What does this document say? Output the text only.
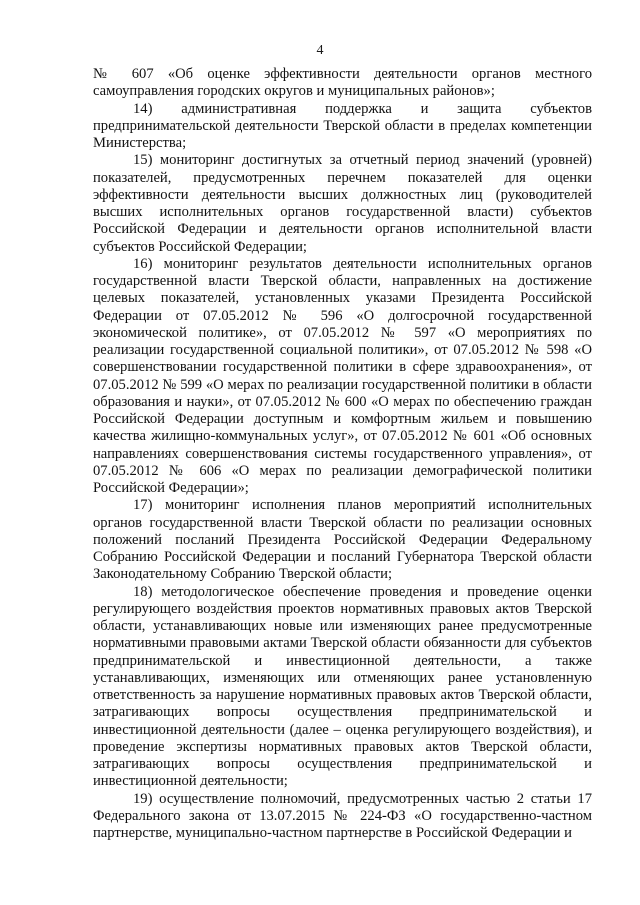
4

№ 607 «Об оценке эффективности деятельности органов местного самоуправления городских округов и муниципальных районов»;

14) административная поддержка и защита субъектов предпринимательской деятельности Тверской области в пределах компетенции Министерства;

15) мониторинг достигнутых за отчетный период значений (уровней) показателей, предусмотренных перечнем показателей для оценки эффективности деятельности высших должностных лиц (руководителей высших исполнительных органов государственной власти) субъектов Российской Федерации и деятельности органов исполнительной власти субъектов Российской Федерации;

16) мониторинг результатов деятельности исполнительных органов государственной власти Тверской области, направленных на достижение целевых показателей, установленных указами Президента Российской Федерации от 07.05.2012 № 596 «О долгосрочной государственной экономической политике», от 07.05.2012 № 597 «О мероприятиях по реализации государственной социальной политики», от 07.05.2012 № 598 «О совершенствовании государственной политики в сфере здравоохранения», от 07.05.2012 № 599 «О мерах по реализации государственной политики в области образования и науки», от 07.05.2012 № 600 «О мерах по обеспечению граждан Российской Федерации доступным и комфортным жильем и повышению качества жилищно-коммунальных услуг», от 07.05.2012 № 601 «Об основных направлениях совершенствования системы государственного управления», от 07.05.2012 № 606 «О мерах по реализации демографической политики Российской Федерации»;

17) мониторинг исполнения планов мероприятий исполнительных органов государственной власти Тверской области по реализации основных положений посланий Президента Российской Федерации Федеральному Собранию Российской Федерации и посланий Губернатора Тверской области Законодательному Собранию Тверской области;

18) методологическое обеспечение проведения и проведение оценки регулирующего воздействия проектов нормативных правовых актов Тверской области, устанавливающих новые или изменяющих ранее предусмотренные нормативными правовыми актами Тверской области обязанности для субъектов предпринимательской и инвестиционной деятельности, а также устанавливающих, изменяющих или отменяющих ранее установленную ответственность за нарушение нормативных правовых актов Тверской области, затрагивающих вопросы осуществления предпринимательской и инвестиционной деятельности (далее – оценка регулирующего воздействия), и проведение экспертизы нормативных правовых актов Тверской области, затрагивающих вопросы осуществления предпринимательской и инвестиционной деятельности;

19) осуществление полномочий, предусмотренных частью 2 статьи 17 Федерального закона от 13.07.2015 № 224-ФЗ «О государственно-частном партнерстве, муниципально-частном партнерстве в Российской Федерации и
